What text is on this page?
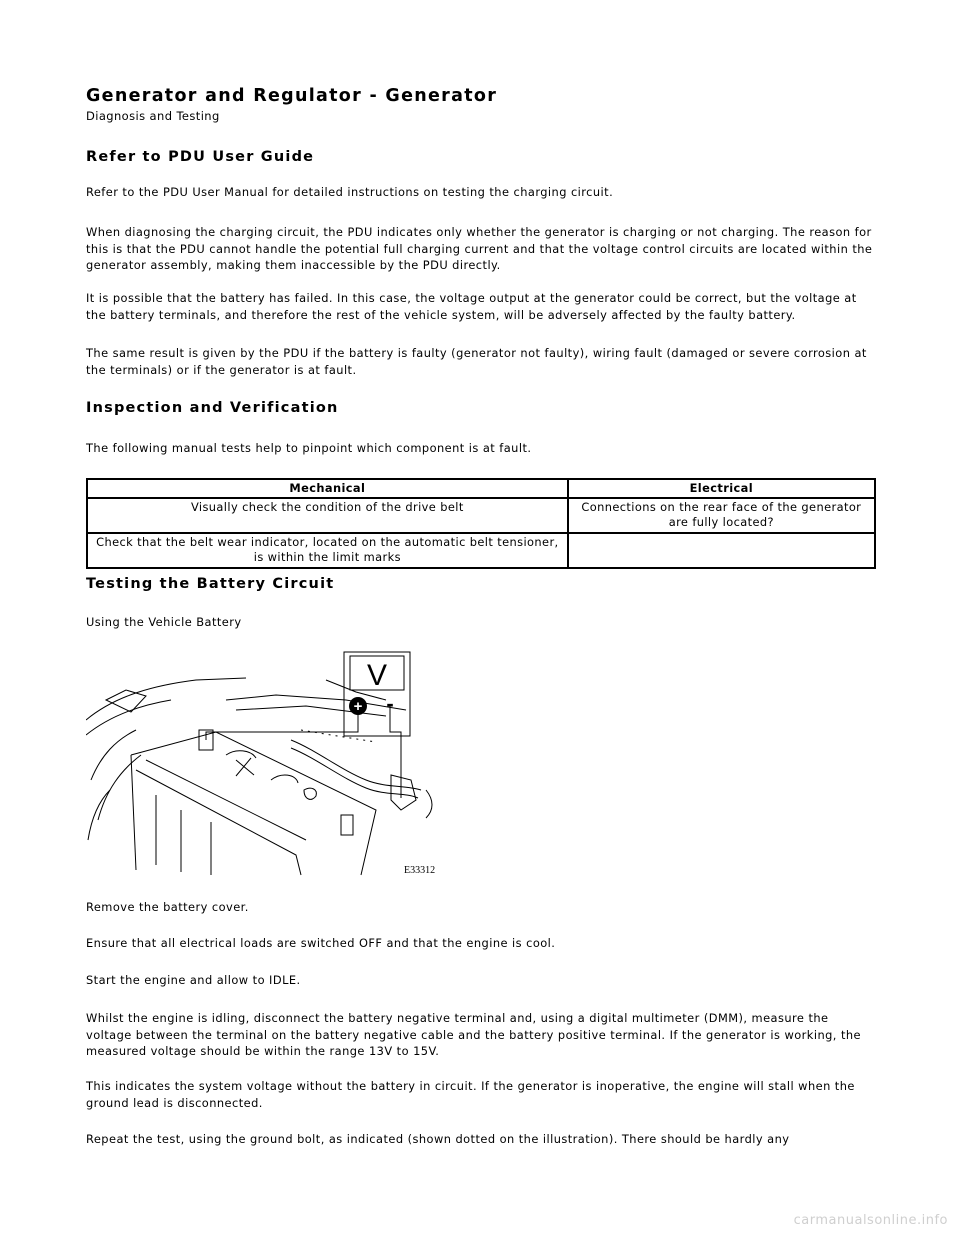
Generator and Regulator - Generator
Diagnosis and Testing
Refer to PDU User Guide

Refer to the PDU User Manual for detailed instructions on testing the charging circuit.

When diagnosing the charging circuit, the PDU indicates only whether the generator is charging or not charging. The reason for this is that the PDU cannot handle the potential full charging current and that the voltage control circuits are located within the generator assembly, making them inaccessible by the PDU directly.

It is possible that the battery has failed. In this case, the voltage output at the generator could be correct, but the voltage at the battery terminals, and therefore the rest of the vehicle system, will be adversely affected by the faulty battery.

The same result is given by the PDU if the battery is faulty (generator not faulty), wiring fault (damaged or severe corrosion at the terminals) or if the generator is at fault.

Inspection and Verification

The following manual tests help to pinpoint which component is at fault.

Mechanical	Electrical
Visually check the condition of the drive belt	Connections on the rear face of the generator are fully located?
Check that the belt wear indicator, located on the automatic belt tensioner, is within the limit marks	
Testing the Battery Circuit

Using the Vehicle Battery

V
+ -
E33312

Remove the battery cover.

Ensure that all electrical loads are switched OFF and that the engine is cool.

Start the engine and allow to IDLE.

Whilst the engine is idling, disconnect the battery negative terminal and, using a digital multimeter (DMM), measure the voltage between the terminal on the battery negative cable and the battery positive terminal. If the generator is working, the measured voltage should be within the range 13V to 15V.

This indicates the system voltage without the battery in circuit. If the generator is inoperative, the engine will stall when the ground lead is disconnected.

Repeat the test, using the ground bolt, as indicated (shown dotted on the illustration). There should be hardly any

carmanualsonline.info
